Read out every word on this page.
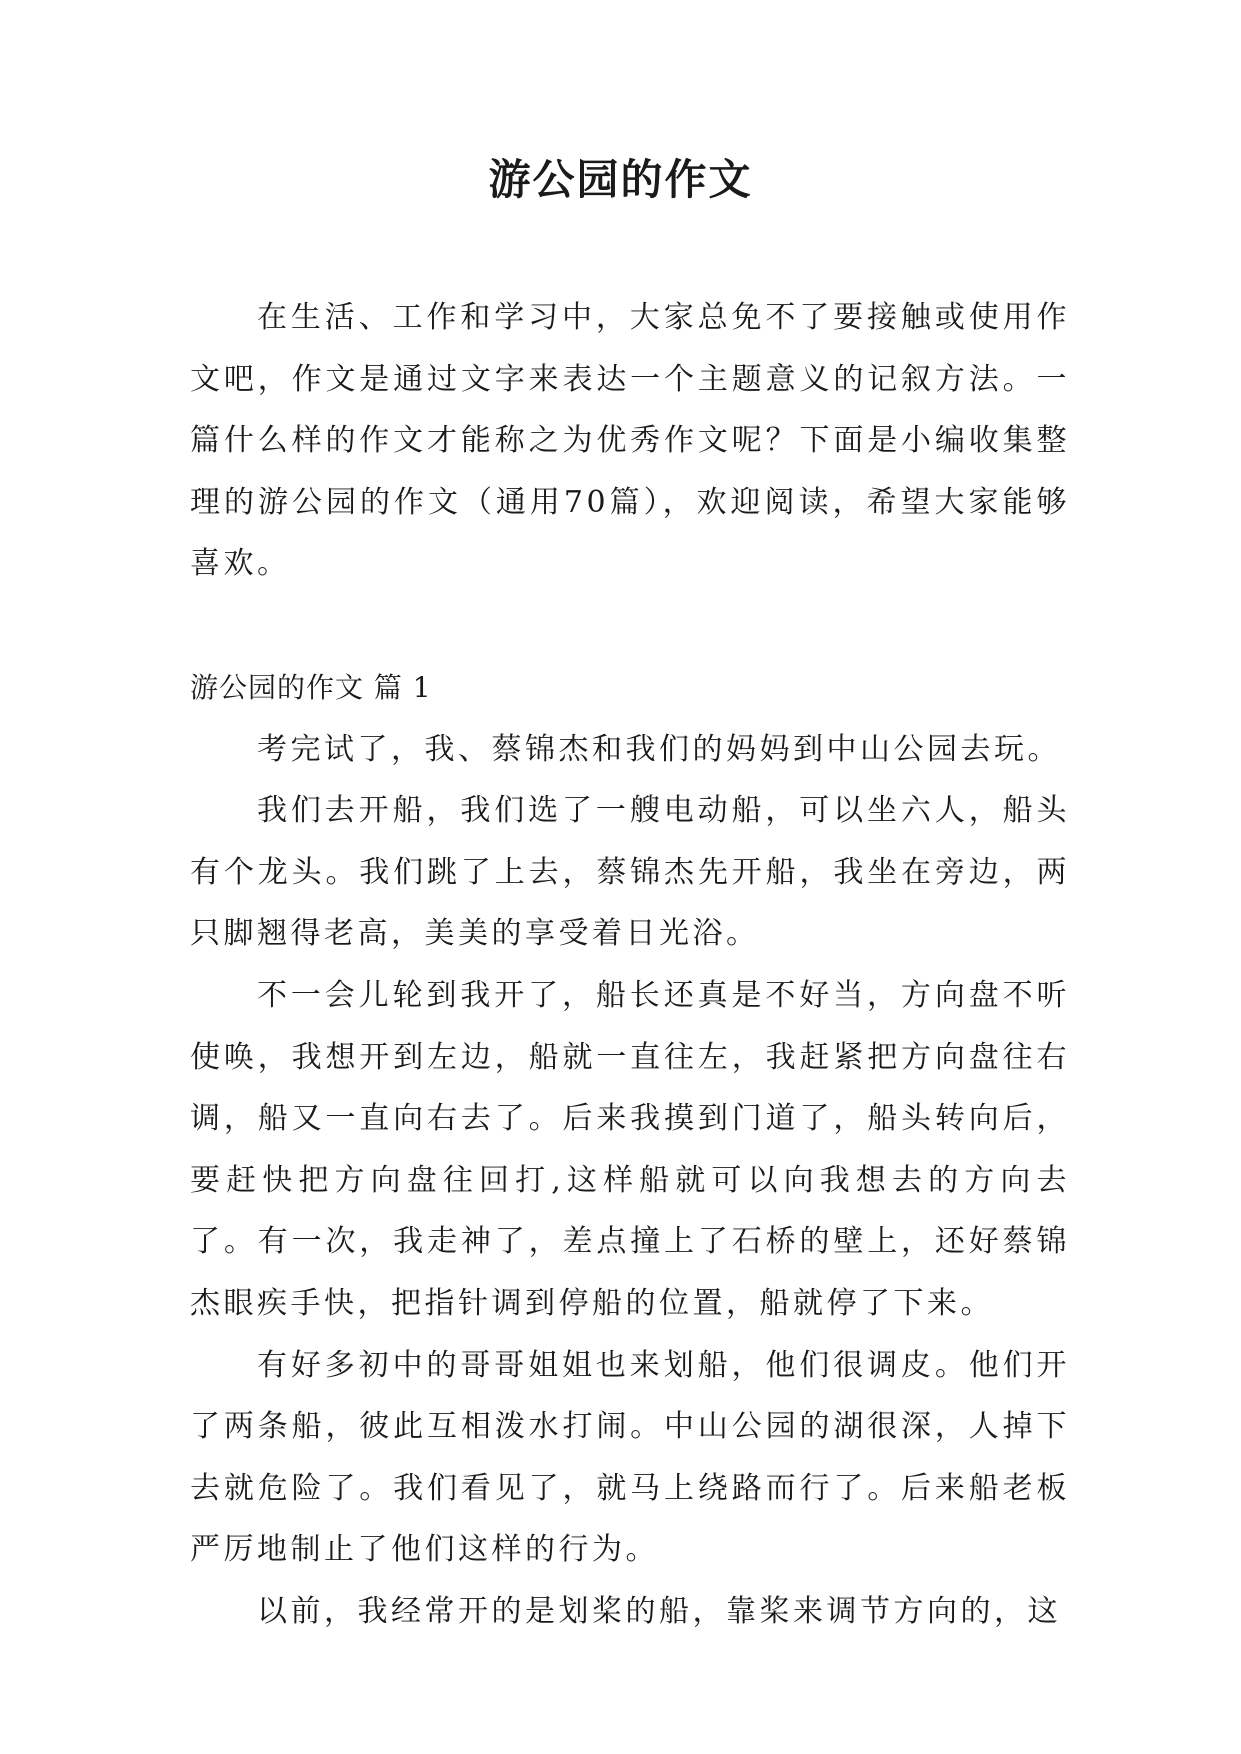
游公园的作文

在生活、工作和学习中，大家总免不了要接触或使用作文吧，作文是通过文字来表达一个主题意义的记叙方法。一篇什么样的作文才能称之为优秀作文呢？下面是小编收集整理的游公园的作文（通用70篇），欢迎阅读，希望大家能够喜欢。

游公园的作文 篇 1

考完试了，我、蔡锦杰和我们的妈妈到中山公园去玩。

我们去开船，我们选了一艘电动船，可以坐六人，船头有个龙头。我们跳了上去，蔡锦杰先开船，我坐在旁边，两只脚翘得老高，美美的享受着日光浴。

不一会儿轮到我开了，船长还真是不好当，方向盘不听使唤，我想开到左边，船就一直往左，我赶紧把方向盘往右调，船又一直向右去了。后来我摸到门道了，船头转向后，要赶快把方向盘往回打,这样船就可以向我想去的方向去了。有一次，我走神了，差点撞上了石桥的壁上，还好蔡锦杰眼疾手快，把指针调到停船的位置，船就停了下来。

有好多初中的哥哥姐姐也来划船，他们很调皮。他们开了两条船，彼此互相泼水打闹。中山公园的湖很深，人掉下去就危险了。我们看见了，就马上绕路而行了。后来船老板严厉地制止了他们这样的行为。

以前，我经常开的是划桨的船，靠桨来调节方向的，这
